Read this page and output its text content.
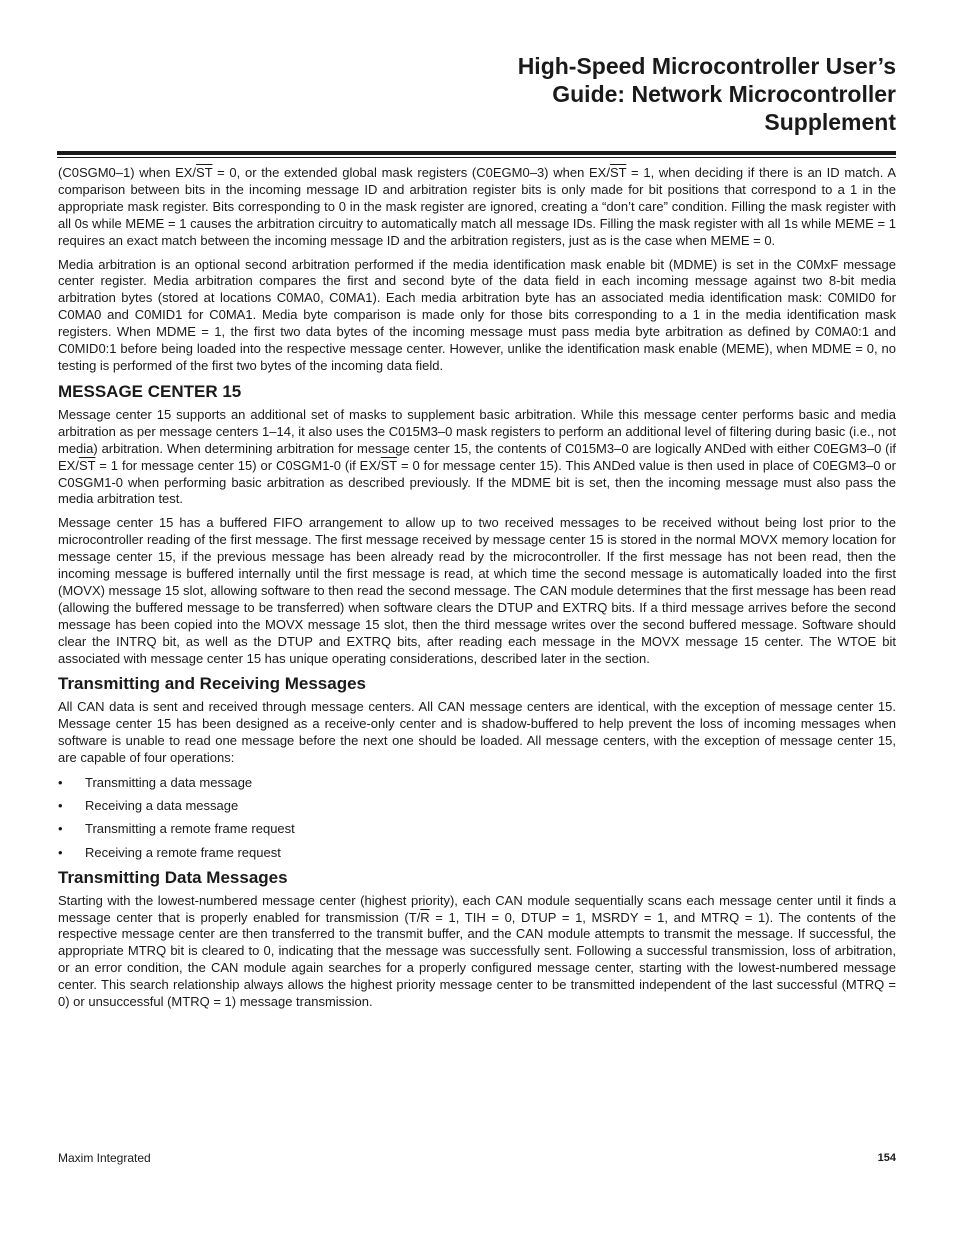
High-Speed Microcontroller User’s
Guide: Network Microcontroller
Supplement

(C0SGM0–1) when $EX/\overline{ST} = 0$, or the extended global mask registers (C0EGM0–3) when $EX/\overline{ST} = 1$, when deciding if there is an ID match. A comparison between bits in the incoming message ID and arbitration register bits is only made for bit positions that correspond to a 1 in the appropriate mask register. Bits corresponding to 0 in the mask register are ignored, creating a “don’t care” condition. Filling the mask register with all 0s while MEME = 1 causes the arbitration circuitry to automatically match all message IDs. Filling the mask register with all 1s while MEME = 1 requires an exact match between the incoming message ID and the arbitration registers, just as is the case when MEME = 0.

Media arbitration is an optional second arbitration performed if the media identification mask enable bit (MDME) is set in the C0MxF message center register. Media arbitration compares the first and second byte of the data field in each incoming message against two 8-bit media arbitration bytes (stored at locations C0MA0, C0MA1). Each media arbitration byte has an associated media identification mask: C0MID0 for C0MA0 and C0MID1 for C0MA1. Media byte comparison is made only for those bits corresponding to a 1 in the media identification mask registers. When MDME = 1, the first two data bytes of the incoming message must pass media byte arbitration as defined by C0MA0:1 and C0MID0:1 before being loaded into the respective message center. However, unlike the identification mask enable (MEME), when MDME = 0, no testing is performed of the first two bytes of the incoming data field.

MESSAGE CENTER 15

Message center 15 supports an additional set of masks to supplement basic arbitration. While this message center performs basic and media arbitration as per message centers 1–14, it also uses the C015M3–0 mask registers to perform an additional level of filtering during basic (i.e., not media) arbitration. When determining arbitration for message center 15, the contents of C015M3–0 are logically ANDed with either C0EGM3–0 (if $EX/\overline{ST} = 1$ for message center 15) or C0SGM1-0 (if $EX/\overline{ST} = 0$ for message center 15). This ANDed value is then used in place of C0EGM3–0 or C0SGM1-0 when performing basic arbitration as described previously. If the MDME bit is set, then the incoming message must also pass the media arbitration test.

Message center 15 has a buffered FIFO arrangement to allow up to two received messages to be received without being lost prior to the microcontroller reading of the first message. The first message received by message center 15 is stored in the normal MOVX memory location for message center 15, if the previous message has been already read by the microcontroller. If the first message has not been read, then the incoming message is buffered internally until the first message is read, at which time the second message is automatically loaded into the first (MOVX) message 15 slot, allowing software to then read the second message. The CAN module determines that the first message has been read (allowing the buffered message to be transferred) when software clears the DTUP and EXTRQ bits. If a third message arrives before the second message has been copied into the MOVX message 15 slot, then the third message writes over the second buffered message. Software should clear the INTRQ bit, as well as the DTUP and EXTRQ bits, after reading each message in the MOVX message 15 center. The WTOE bit associated with message center 15 has unique operating considerations, described later in the section.

Transmitting and Receiving Messages

All CAN data is sent and received through message centers. All CAN message centers are identical, with the exception of message center 15. Message center 15 has been designed as a receive-only center and is shadow-buffered to help prevent the loss of incoming messages when software is unable to read one message before the next one should be loaded. All message centers, with the exception of message center 15, are capable of four operations:

• Transmitting a data message
• Receiving a data message
• Transmitting a remote frame request
• Receiving a remote frame request
Transmitting Data Messages

Starting with the lowest-numbered message center (highest priority), each CAN module sequentially scans each message center until it finds a message center that is properly enabled for transmission ($T/\overline{R} = 1$, TIH = 0, DTUP = 1, MSRDY = 1, and MTRQ = 1). The contents of the respective message center are then transferred to the transmit buffer, and the CAN module attempts to transmit the message. If successful, the appropriate MTRQ bit is cleared to 0, indicating that the message was successfully sent. Following a successful transmission, loss of arbitration, or an error condition, the CAN module again searches for a properly configured message center, starting with the lowest-numbered message center. This search relationship always allows the highest priority message center to be transmitted independent of the last successful (MTRQ = 0) or unsuccessful (MTRQ = 1) message transmission.

Maxim Integrated	154
